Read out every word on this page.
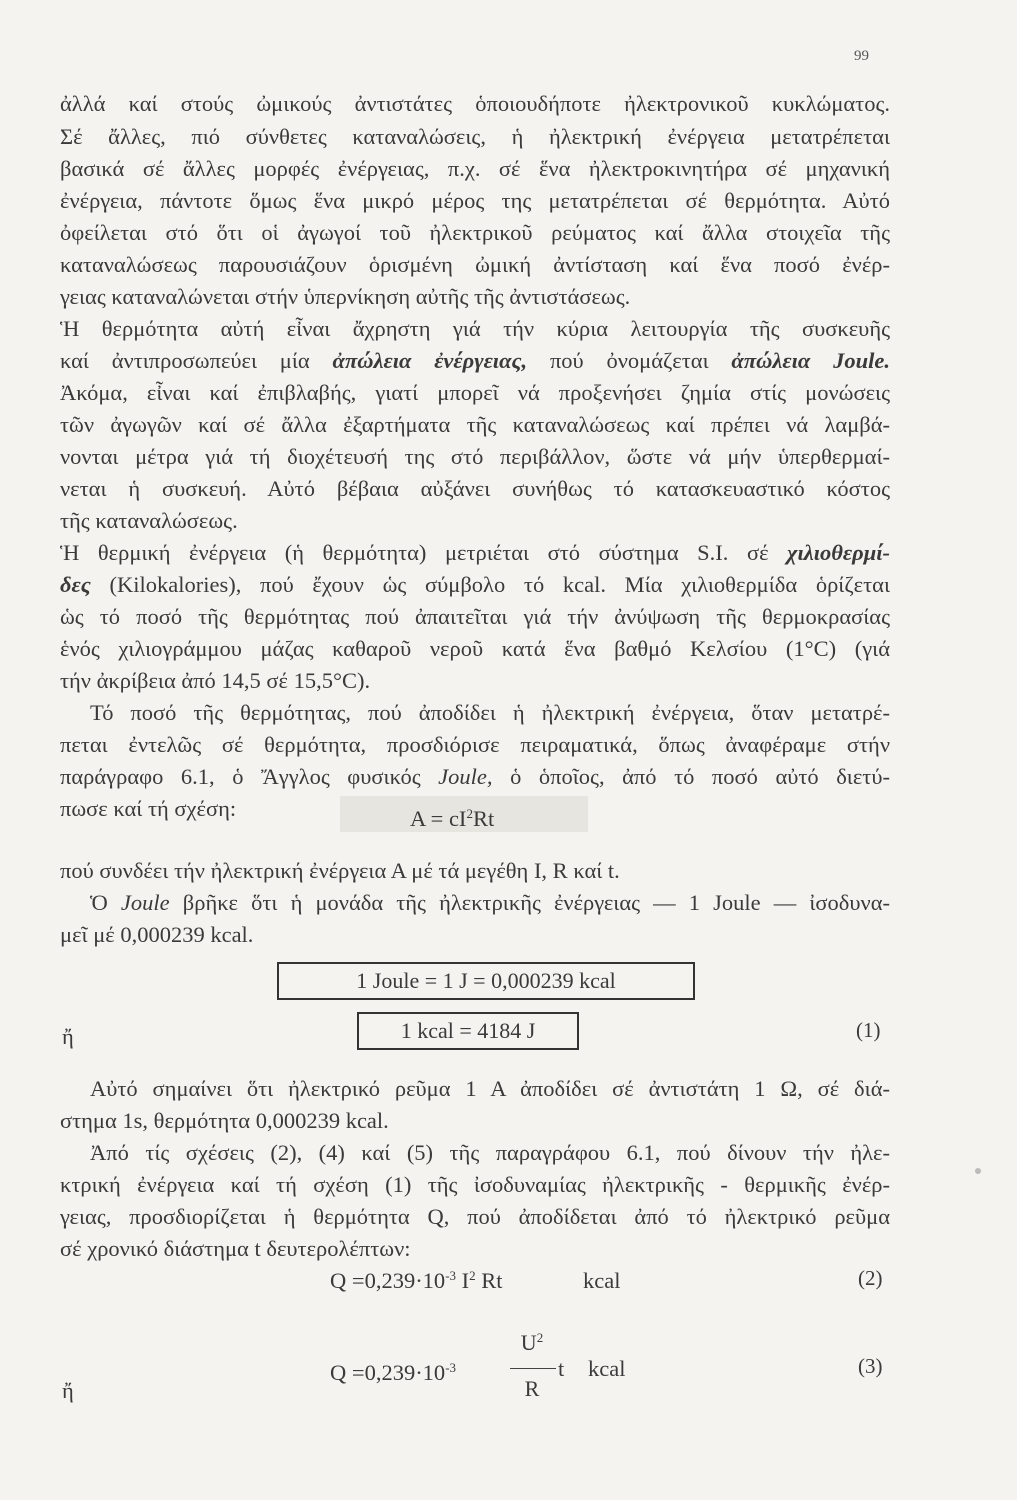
99
ἀλλά καί στούς ὠμικούς ἀντιστάτες ὁποιουδήποτε ἠλεκτρονικοῦ κυκλώματος.
Σέ ἄλλες, πιό σύνθετες καταναλώσεις, ἡ ἠλεκτρική ἐνέργεια μετατρέπεται
βασικά σέ ἄλλες μορφές ἐνέργειας, π.χ. σέ ἕνα ἠλεκτροκινητήρα σέ μηχανική
ἐνέργεια, πάντοτε ὅμως ἕνα μικρό μέρος της μετατρέπεται σέ θερμότητα. Αὐτό
ὀφείλεται στό ὅτι οἱ ἀγωγοί τοῦ ἠλεκτρικοῦ ρεύματος καί ἄλλα στοιχεῖα τῆς
καταναλώσεως παρουσιάζουν ὁρισμένη ὠμική ἀντίσταση καί ἕνα ποσό ἐνέρ-
γειας καταναλώνεται στήν ὑπερνίκηση αὐτῆς τῆς ἀντιστάσεως.
Ἡ θερμότητα αὐτή εἶναι ἄχρηστη γιά τήν κύρια λειτουργία τῆς συσκευῆς
καί ἀντιπροσωπεύει μία ἀπώλεια ἐνέργειας, πού ὀνομάζεται ἀπώλεια Joule.
Ἀκόμα, εἶναι καί ἐπιβλαβής, γιατί μπορεῖ νά προξενήσει ζημία στίς μονώσεις
τῶν ἀγωγῶν καί σέ ἄλλα ἐξαρτήματα τῆς καταναλώσεως καί πρέπει νά λαμβά-
νονται μέτρα γιά τή διοχέτευσή της στό περιβάλλον, ὥστε νά μήν ὑπερθερμαί-
νεται ἡ συσκευή. Αὐτό βέβαια αὐξάνει συνήθως τό κατασκευαστικό κόστος
τῆς καταναλώσεως.
Ἡ θερμική ἐνέργεια (ἡ θερμότητα) μετριέται στό σύστημα S.I. σέ χιλιοθερμί-
δες (Kilokalories), πού ἔχουν ὡς σύμβολο τό kcal. Μία χιλιοθερμίδα ὁρίζεται
ὡς τό ποσό τῆς θερμότητας πού ἀπαιτεῖται γιά τήν ἀνύψωση τῆς θερμοκρασίας
ἑνός χιλιογράμμου μάζας καθαροῦ νεροῦ κατά ἕνα βαθμό Κελσίου (1°C) (γιά
τήν ἀκρίβεια ἀπό 14,5 σέ 15,5°C).
Τό ποσό τῆς θερμότητας, πού ἀποδίδει ἡ ἠλεκτρική ἐνέργεια, ὅταν μετατρέ-
πεται ἐντελῶς σέ θερμότητα, προσδιόρισε πειραματικά, ὅπως ἀναφέραμε στήν
παράγραφο 6.1, ὁ Ἄγγλος φυσικός Joule, ὁ ὁποῖος, ἀπό τό ποσό αὐτό διετύ-
πωσε καί τή σχέση:	$A = cI^2Rt$
πού συνδέει τήν ἠλεκτρική ἐνέργεια Α μέ τά μεγέθη I, R καί t.
Ὁ Joule βρῆκε ὅτι ἡ μονάδα τῆς ἠλεκτρικῆς ἐνέργειας — 1 Joule — ἰσοδυνα-
μεῖ μέ 0,000239 kcal.
1 Joule = 1 J = 0,000239 kcal
ἤ	1 kcal = 4184 J	(1)
Αὐτό σημαίνει ὅτι ἠλεκτρικό ρεῦμα 1 Α ἀποδίδει σέ ἀντιστάτη 1 Ω, σέ διά-
στημα 1s, θερμότητα 0,000239 kcal.
Ἀπό τίς σχέσεις (2), (4) καί (5) τῆς παραγράφου 6.1, πού δίνουν τήν ἠλε-
κτρική ἐνέργεια καί τή σχέση (1) τῆς ἰσοδυναμίας ἠλεκτρικῆς - θερμικῆς ἐνέρ-
γειας, προσδιορίζεται ἡ θερμότητα Q, πού ἀποδίδεται ἀπό τό ἠλεκτρικό ρεῦμα
σέ χρονικό διάστημα t δευτερολέπτων:
$Q =0,239\cdot 10^{-3}$ $I^2$ Rt	kcal	(2)
ἤ
$Q =0,239\cdot 10^{-3}$
$U^2$
R
t kcal	(3)
